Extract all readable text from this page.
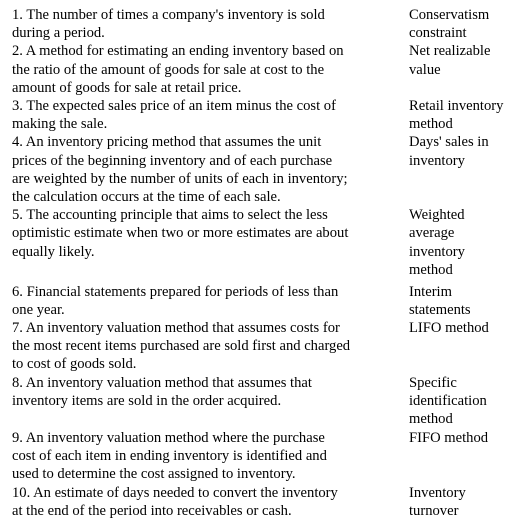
1. The number of times a company's inventory is sold
during a period.
Conservatism
constraint
2. A method for estimating an ending inventory based on
the ratio of the amount of goods for sale at cost to the
amount of goods for sale at retail price.
Net realizable
value
3. The expected sales price of an item minus the cost of
making the sale.
Retail inventory
method
4. An inventory pricing method that assumes the unit
prices of the beginning inventory and of each purchase
are weighted by the number of units of each in inventory;
the calculation occurs at the time of each sale.
Days' sales in
inventory
5. The accounting principle that aims to select the less
optimistic estimate when two or more estimates are about
equally likely.
Weighted
average
inventory
method
6. Financial statements prepared for periods of less than
one year.
Interim
statements
7. An inventory valuation method that assumes costs for
the most recent items purchased are sold first and charged
to cost of goods sold.
LIFO method
8. An inventory valuation method that assumes that
inventory items are sold in the order acquired.
Specific
identification
method
9. An inventory valuation method where the purchase
cost of each item in ending inventory is identified and
used to determine the cost assigned to inventory.
FIFO method
10. An estimate of days needed to convert the inventory
at the end of the period into receivables or cash.
Inventory
turnover
